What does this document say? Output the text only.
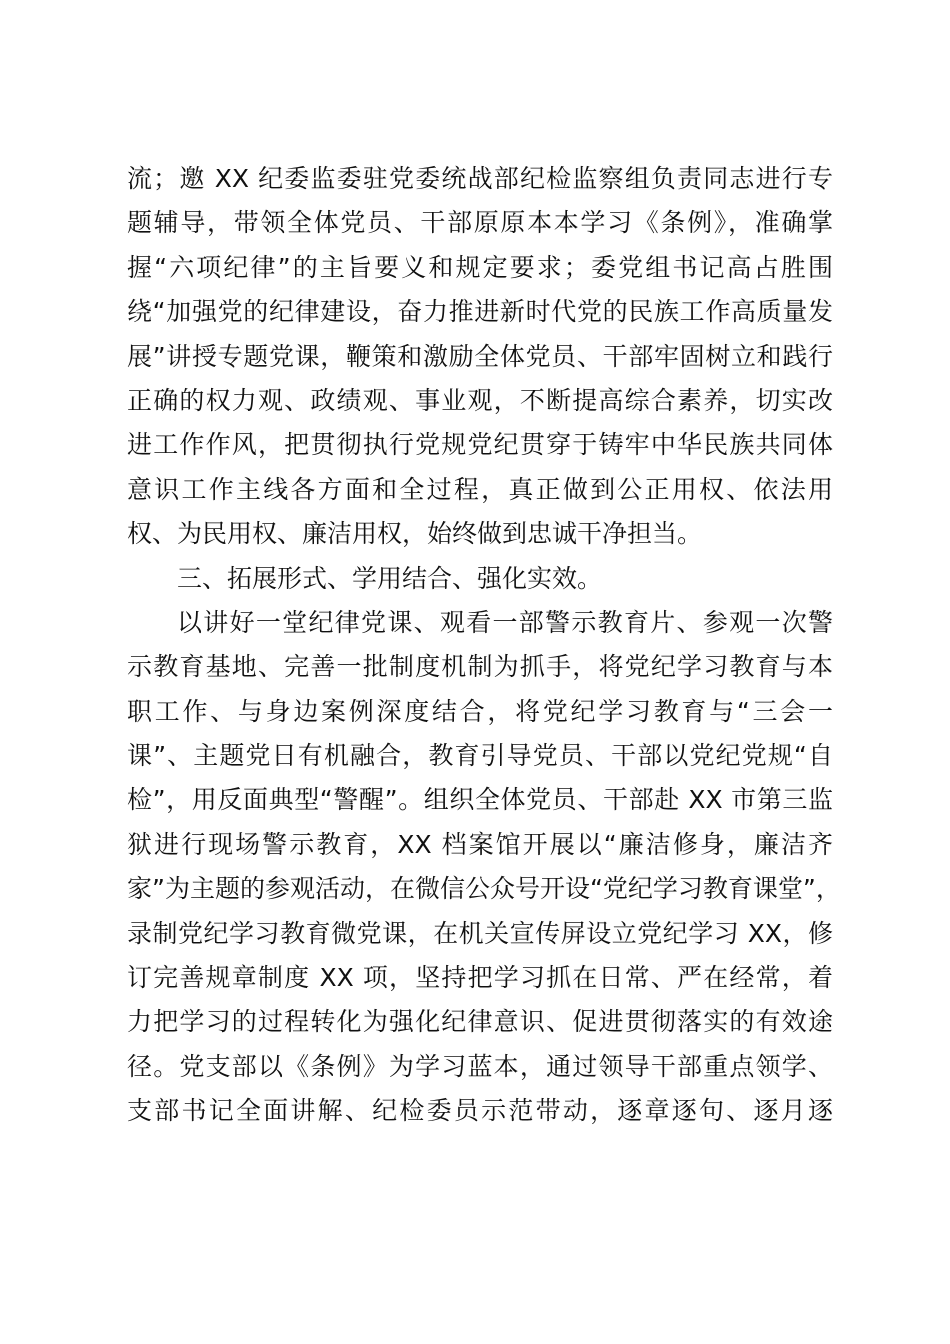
流；邀 XX 纪委监委驻党委统战部纪检监察组负责同志进行专
题辅导，带领全体党员、干部原原本本学习《条例》，准确掌
握“六项纪律”的主旨要义和规定要求；委党组书记高占胜围
绕“加强党的纪律建设，奋力推进新时代党的民族工作高质量发
展”讲授专题党课，鞭策和激励全体党员、干部牢固树立和践行
正确的权力观、政绩观、事业观，不断提高综合素养，切实改
进工作作风，把贯彻执行党规党纪贯穿于铸牢中华民族共同体
意识工作主线各方面和全过程，真正做到公正用权、依法用
权、为民用权、廉洁用权，始终做到忠诚干净担当。
三、拓展形式、学用结合、强化实效。
以讲好一堂纪律党课、观看一部警示教育片、参观一次警
示教育基地、完善一批制度机制为抓手，将党纪学习教育与本
职工作、与身边案例深度结合，将党纪学习教育与“三会一
课”、主题党日有机融合，教育引导党员、干部以党纪党规“自
检”，用反面典型“警醒”。组织全体党员、干部赴 XX 市第三监
狱进行现场警示教育，XX 档案馆开展以“廉洁修身，廉洁齐
家”为主题的参观活动，在微信公众号开设“党纪学习教育课堂”，
录制党纪学习教育微党课，在机关宣传屏设立党纪学习 XX，修
订完善规章制度 XX 项，坚持把学习抓在日常、严在经常，着
力把学习的过程转化为强化纪律意识、促进贯彻落实的有效途
径。党支部以《条例》为学习蓝本，通过领导干部重点领学、
支部书记全面讲解、纪检委员示范带动，逐章逐句、逐月逐
